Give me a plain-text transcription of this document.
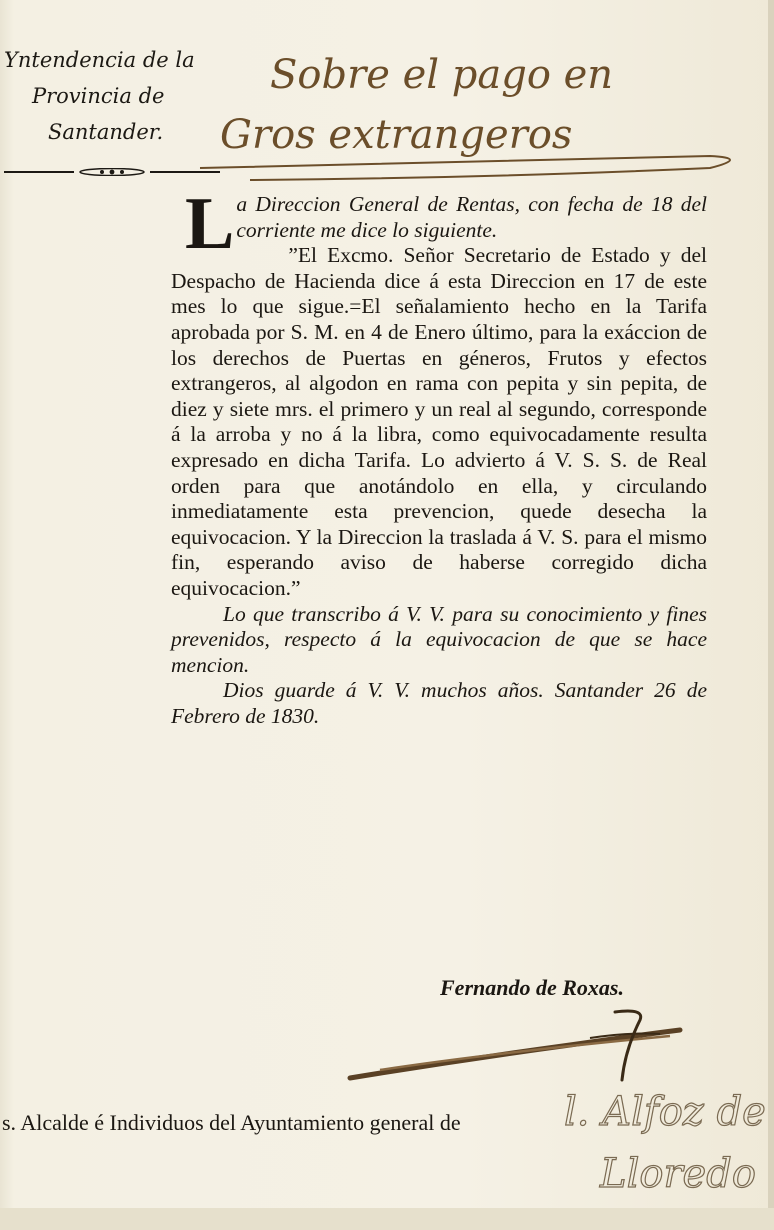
Yntendencia de la
Provincia de
Santander.
Sobre el pago en
Gros extrangeros

La Direccion General de Rentas, con fecha de 18 del corriente me dice lo siguiente.

”El Excmo. Señor Secretario de Estado y del Despacho de Hacienda dice á esta Direccion en 17 de este mes lo que sigue.=El señalamiento hecho en la Tarifa aprobada por S. M. en 4 de Enero último, para la exáccion de los derechos de Puertas en géneros, Frutos y efectos extrangeros, al algodon en rama con pepita y sin pepita, de diez y siete mrs. el primero y un real al segundo, corresponde á la arroba y no á la libra, como equivocadamente resulta expresado en dicha Tarifa. Lo advierto á V. S. S. de Real orden para que anotándolo en ella, y circulando inmediatamente esta prevencion, quede desecha la equivocacion. Y la Direccion la traslada á V. S. para el mismo fin, esperando aviso de haberse corregido dicha equivocacion.”

Lo que transcribo á V. V. para su conocimiento y fines prevenidos, respecto á la equivocacion de que se hace mencion.

Dios guarde á V. V. muchos años. Santander 26 de Febrero de 1830.

Fernando de Roxas.
s. Alcalde é Individuos del Ayuntamiento general de	l. Alfoz de
Lloredo
